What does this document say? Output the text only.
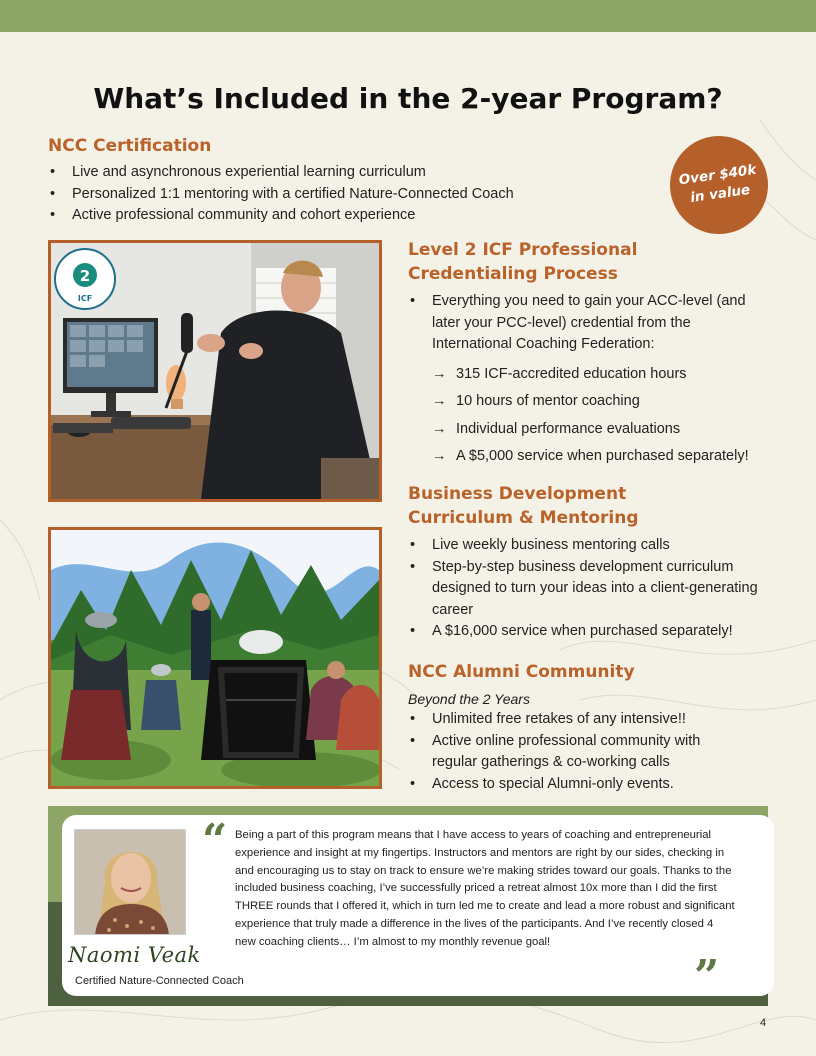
What’s Included in the 2-year Program?
NCC Certification
• Live and asynchronous experiential learning curriculum
• Personalized 1:1 mentoring with a certified Nature-Connected Coach
• Active professional community and cohort experience
Over $40k
in value
2
ICF
Level 2 ICF Professional
Credentialing Process
• Everything you need to gain your ACC-level (and later your PCC-level) credential from the International Coaching Federation:
→ 315 ICF-accredited education hours
→ 10 hours of mentor coaching
→ Individual performance evaluations
→ A $5,000 service when purchased separately!
Business Development
Curriculum & Mentoring
• Live weekly business mentoring calls
• Step-by-step business development curriculum designed to turn your ideas into a client-generating career
• A $16,000 service when purchased separately!
NCC Alumni Community
Beyond the 2 Years
• Unlimited free retakes of any intensive!!
• Active online professional community with regular gatherings & co-working calls
• Access to special Alumni-only events.
Naomi Veak
Certified Nature-Connected Coach
“ Being a part of this program means that I have access to years of coaching and entrepreneurial experience and insight at my fingertips. Instructors and mentors are right by our sides, checking in and encouraging us to stay on track to ensure we’re making strides toward our goals. Thanks to the included business coaching, I’ve successfully priced a retreat almost 10x more than I did the first THREE rounds that I offered it, which in turn led me to create and lead a more robust and significant experience that truly made a difference in the lives of the participants. And I’ve recently closed 4 new coaching clients… I’m almost to my monthly revenue goal!
”
4
